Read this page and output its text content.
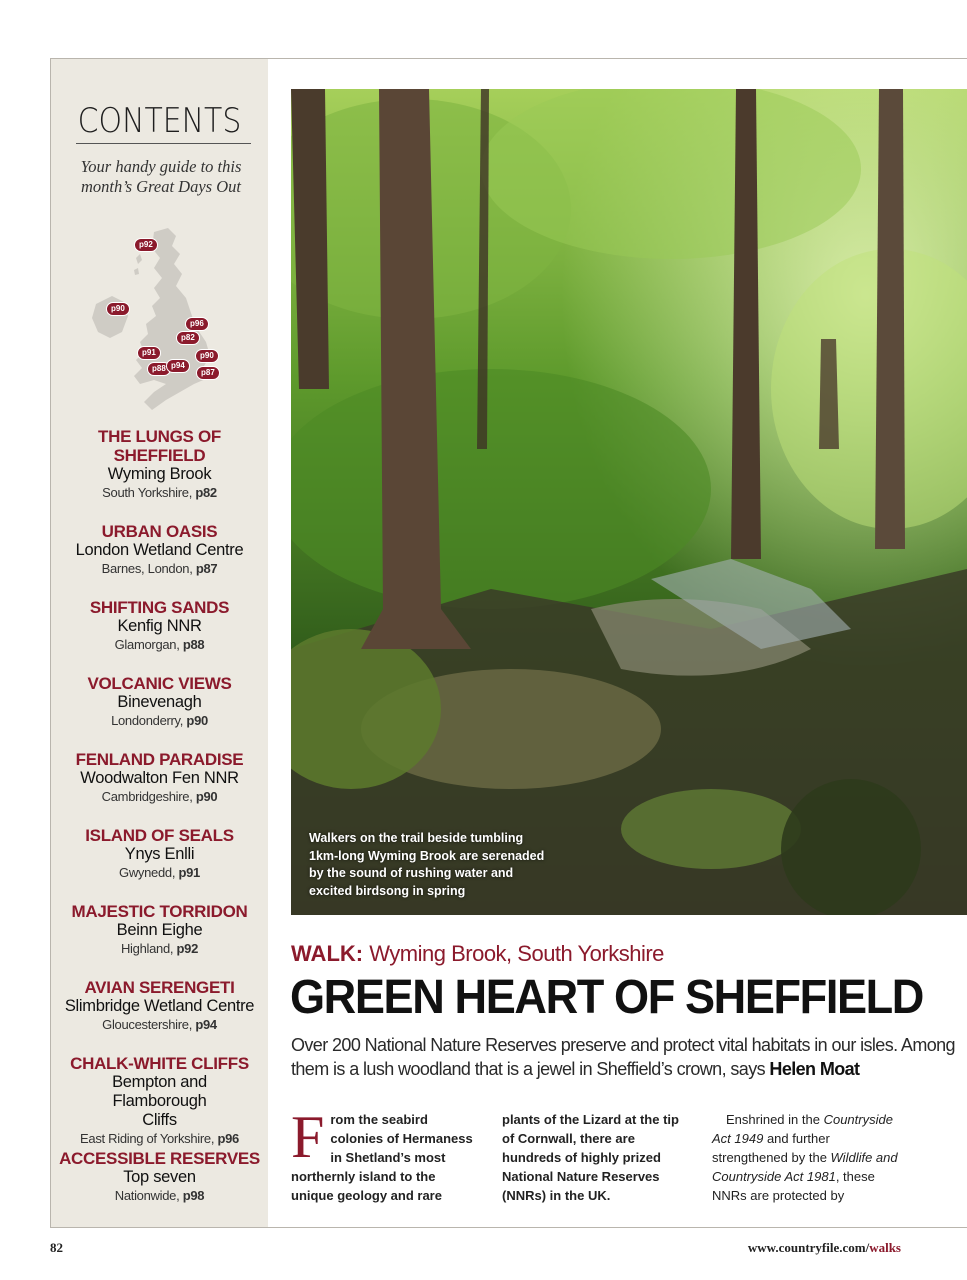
CONTENTS
Your handy guide to this month’s Great Days Out
p92
p90
p96
p82
p91	p90
p88 p94
p87
THE LUNGS OF SHEFFIELD
Wyming Brook
South Yorkshire, p82
URBAN OASIS
London Wetland Centre
Barnes, London, p87
SHIFTING SANDS
Kenfig NNR
Glamorgan, p88
VOLCANIC VIEWS
Binevenagh
Londonderry, p90
FENLAND PARADISE
Woodwalton Fen NNR
Cambridgeshire, p90
ISLAND OF SEALS
Ynys Enlli
Gwynedd, p91
MAJESTIC TORRIDON
Beinn Eighe
Highland, p92
AVIAN SERENGETI
Slimbridge Wetland Centre
Gloucestershire, p94
CHALK-WHITE CLIFFS
Bempton and Flamborough Cliffs
East Riding of Yorkshire, p96
ACCESSIBLE RESERVES
Top seven
Nationwide, p98
Walkers on the trail beside tumbling 1km-long Wyming Brook are serenaded by the sound of rushing water and excited birdsong in spring
WALK: Wyming Brook, South Yorkshire
GREEN HEART OF SHEFFIELD
Over 200 National Nature Reserves preserve and protect vital habitats in our isles. Among them is a lush woodland that is a jewel in Sheffield’s crown, says Helen Moat
F rom the seabird colonies of Hermaness in Shetland’s most northernly island to the unique geology and rare

plants of the Lizard at the tip of Cornwall, there are hundreds of highly prized National Nature Reserves (NNRs) in the UK.

Enshrined in the Countryside Act 1949 and further strengthened by the Wildlife and Countryside Act 1981, these NNRs are protected by

82	www.countryfile.com/walks
